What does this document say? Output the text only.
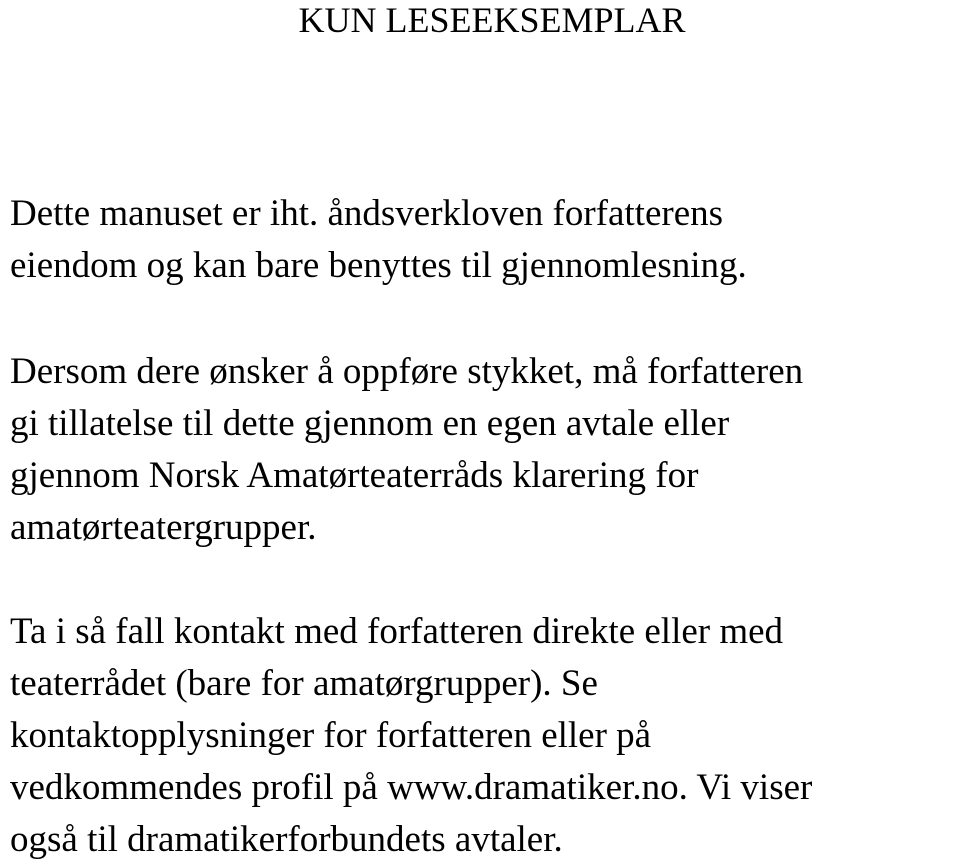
KUN LESEEKSEMPLAR
Dette manuset er iht. åndsverkloven forfatterens
eiendom og kan bare benyttes til gjennomlesning.
Dersom dere ønsker å oppføre stykket, må forfatteren
gi tillatelse til dette gjennom en egen avtale eller
gjennom Norsk Amatørteaterråds klarering for
amatørteatergrupper.
Ta i så fall kontakt med forfatteren direkte eller med
teaterrådet (bare for amatørgrupper). Se
kontaktopplysninger for forfatteren eller på
vedkommendes profil på www.dramatiker.no. Vi viser
også til dramatikerforbundets avtaler.
